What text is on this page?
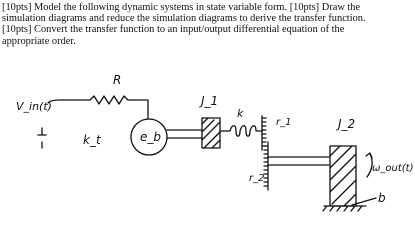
[10pts] Model the following dynamic systems in state variable form. [10pts] Draw the
simulation diagrams and reduce the simulation diagrams to derive the transfer function.
[10pts] Convert the transfer function to an input/output differential equation of the
appropriate order.
V_in(t)
R
k_t	e_b
J_1
k
r_1
r_2
J_2
ω_out(t)
b
